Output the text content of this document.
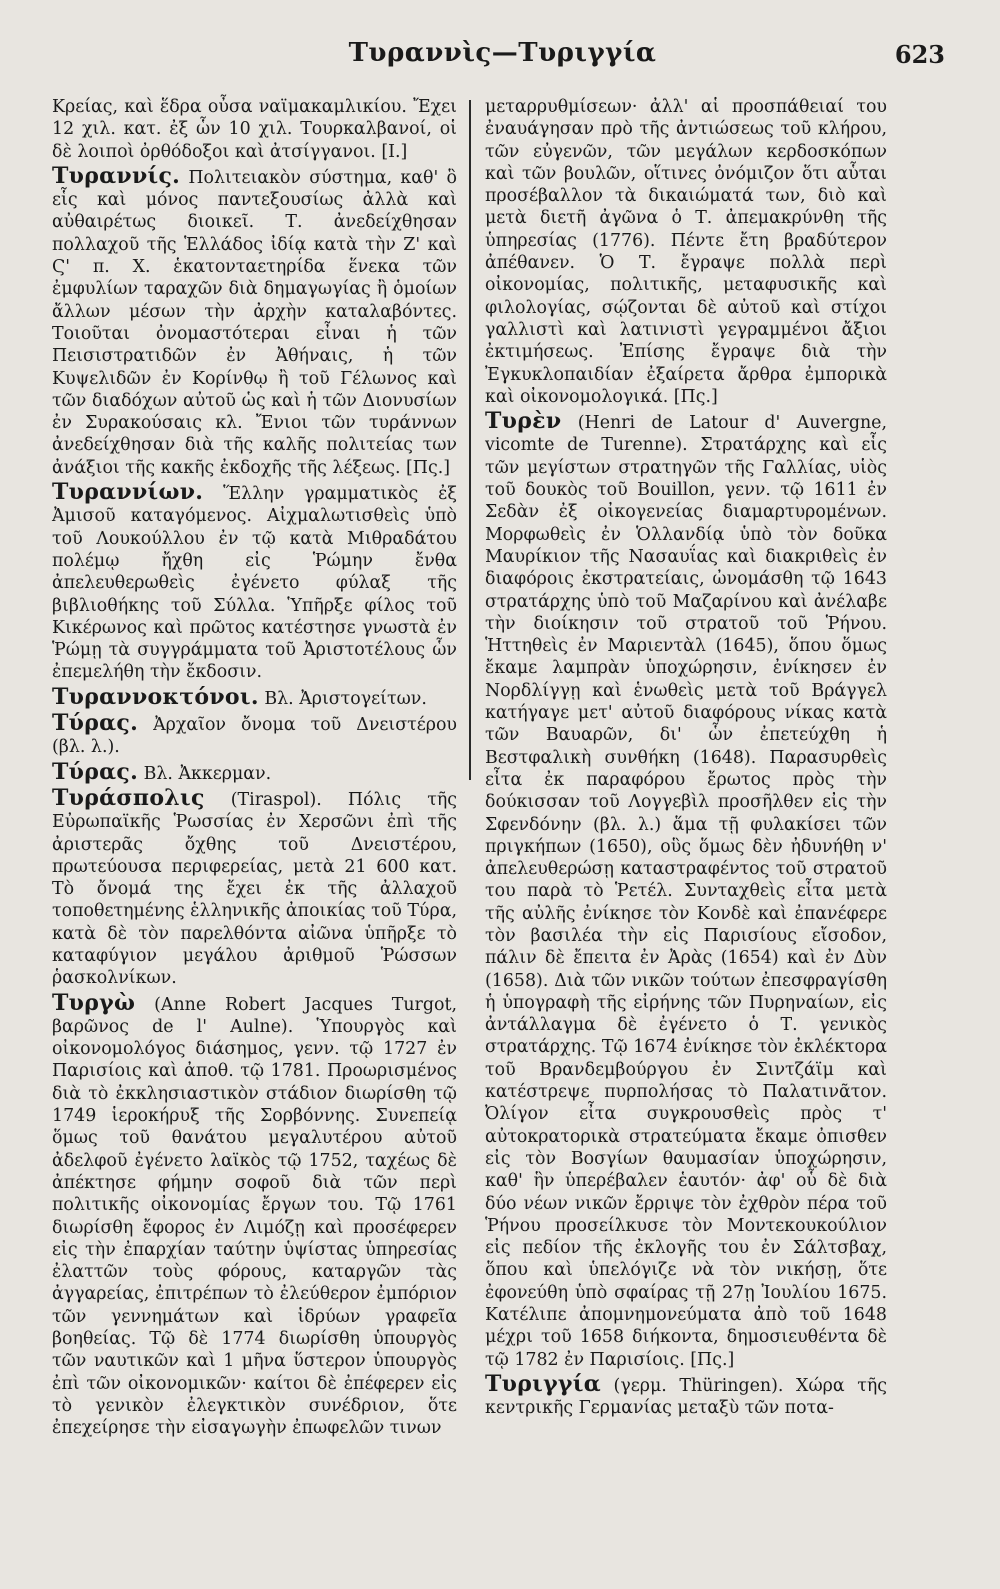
Τυραννὶς—Τυριγγία	623

Κρείας, καὶ ἕδρα οὖσα ναϊμακαμλικίου. Ἔχει 12 χιλ. κατ. ἐξ ὧν 10 χιλ. Τουρκαλβανοί, οἱ δὲ λοιποὶ ὀρθόδοξοι καὶ ἀτσίγγανοι. [Ι.]

Τυραννίς. Πολιτειακὸν σύστημα, καθ' ὃ εἷς καὶ μόνος παντεξουσίως ἀλλὰ καὶ αὐθαιρέτως διοικεῖ. Τ. ἀνεδείχθησαν πολλαχοῦ τῆς Ἑλλάδος ἰδίᾳ κατὰ τὴν Ζ' καὶ Ϛ' π. Χ. ἑκατονταετηρίδα ἕνεκα τῶν ἐμφυλίων ταραχῶν διὰ δημαγωγίας ἢ ὁμοίων ἄλλων μέσων τὴν ἀρχὴν καταλαβόντες. Τοιοῦται ὀνομαστότεραι εἶναι ἡ τῶν Πεισιστρατιδῶν ἐν Ἀθήναις, ἡ τῶν Κυψελιδῶν ἐν Κορίνθῳ ἢ τοῦ Γέλωνος καὶ τῶν διαδόχων αὐτοῦ ὡς καὶ ἡ τῶν Διονυσίων ἐν Συρακούσαις κλ. Ἔνιοι τῶν τυράννων ἀνεδείχθησαν διὰ τῆς καλῆς πολιτείας των ἀνάξιοι τῆς κακῆς ἐκδοχῆς τῆς λέξεως. [Πς.]

Τυραννίων. Ἕλλην γραμματικὸς ἐξ Ἀμισοῦ καταγόμενος. Αἰχμαλωτισθεὶς ὑπὸ τοῦ Λουκούλλου ἐν τῷ κατὰ Μιθραδάτου πολέμῳ ἤχθη εἰς Ῥώμην ἔνθα ἀπελευθερωθεὶς ἐγένετο φύλαξ τῆς βιβλιοθήκης τοῦ Σύλλα. Ὑπῆρξε φίλος τοῦ Κικέρωνος καὶ πρῶτος κατέστησε γνωστὰ ἐν Ῥώμῃ τὰ συγγράμματα τοῦ Ἀριστοτέλους ὧν ἐπεμελήθη τὴν ἔκδοσιν.

Τυραννοκτόνοι. Βλ. Ἀριστογείτων.

Τύρας. Ἀρχαῖον ὄνομα τοῦ Δνειστέρου (βλ. λ.).

Τύρας. Βλ. Ἀκκερμαν.

Τυράσπολις (Tiraspol). Πόλις τῆς Εὐρωπαϊκῆς Ῥωσσίας ἐν Χερσῶνι ἐπὶ τῆς ἀριστερᾶς ὄχθης τοῦ Δνειστέρου, πρωτεύουσα περιφερείας, μετὰ 21 600 κατ. Τὸ ὄνομά της ἔχει ἐκ τῆς ἀλλαχοῦ τοποθετημένης ἑλληνικῆς ἀποικίας τοῦ Τύρα, κατὰ δὲ τὸν παρελθόντα αἰῶνα ὑπῆρξε τὸ καταφύγιον μεγάλου ἀριθμοῦ Ῥώσσων ῥασκολνίκων.

Τυργὼ (Anne Robert Jacques Turgot, βαρῶνος de l' Aulne). Ὑπουργὸς καὶ οἰκονομολόγος διάσημος, γενν. τῷ 1727 ἐν Παρισίοις καὶ ἀποθ. τῷ 1781. Προωρισμένος διὰ τὸ ἐκκλησιαστικὸν στάδιον διωρίσθη τῷ 1749 ἱεροκήρυξ τῆς Σορβόννης. Συνεπείᾳ ὅμως τοῦ θανάτου μεγαλυτέρου αὐτοῦ ἀδελφοῦ ἐγένετο λαϊκὸς τῷ 1752, ταχέως δὲ ἀπέκτησε φήμην σοφοῦ διὰ τῶν περὶ πολιτικῆς οἰκονομίας ἔργων του. Τῷ 1761 διωρίσθη ἔφορος ἐν Λιμόζῃ καὶ προσέφερεν εἰς τὴν ἐπαρχίαν ταύτην ὑψίστας ὑπηρεσίας ἐλαττῶν τοὺς φόρους, καταργῶν τὰς ἀγγαρείας, ἐπιτρέπων τὸ ἐλεύθερον ἐμπόριον τῶν γεννημάτων καὶ ἱδρύων γραφεῖα βοηθείας. Τῷ δὲ 1774 διωρίσθη ὑπουργὸς τῶν ναυτικῶν καὶ 1 μῆνα ὕστερον ὑπουργὸς ἐπὶ τῶν οἰκονομικῶν· καίτοι δὲ ἐπέφερεν εἰς τὸ γενικὸν ἐλεγκτικὸν συνέδριον, ὅτε ἐπεχείρησε τὴν εἰσαγωγὴν ἐπωφελῶν τινων

μεταρρυθμίσεων· ἀλλ' αἱ προσπάθειαί του ἐναυάγησαν πρὸ τῆς ἀντιώσεως τοῦ κλήρου, τῶν εὐγενῶν, τῶν μεγάλων κερδοσκόπων καὶ τῶν βουλῶν, οἵτινες ὀνόμιζον ὅτι αὗται προσέβαλλον τὰ δικαιώματά των, διὸ καὶ μετὰ διετῆ ἀγῶνα ὁ Τ. ἀπεμακρύνθη τῆς ὑπηρεσίας (1776). Πέντε ἔτη βραδύτερον ἀπέθανεν. Ὁ Τ. ἔγραψε πολλὰ περὶ οἰκονομίας, πολιτικῆς, μεταφυσικῆς καὶ φιλολογίας, σῴζονται δὲ αὐτοῦ καὶ στίχοι γαλλιστὶ καὶ λατινιστὶ γεγραμμένοι ἄξιοι ἐκτιμήσεως. Ἐπίσης ἔγραψε διὰ τὴν Ἐγκυκλοπαιδίαν ἐξαίρετα ἄρθρα ἐμπορικὰ καὶ οἰκονομολογικά. [Πς.]

Τυρὲν (Henri de Latour d' Auvergne, vicomte de Turenne). Στρατάρχης καὶ εἷς τῶν μεγίστων στρατηγῶν τῆς Γαλλίας, υἱὸς τοῦ δουκὸς τοῦ Bouillon, γενν. τῷ 1611 ἐν Σεδὰν ἐξ οἰκογενείας διαμαρτυρομένων. Μορφωθεὶς ἐν Ὁλλανδίᾳ ὑπὸ τὸν δοῦκα Μαυρίκιον τῆς Νασαυΐας καὶ διακριθεὶς ἐν διαφόροις ἐκστρατείαις, ὠνομάσθη τῷ 1643 στρατάρχης ὑπὸ τοῦ Μαζαρίνου καὶ ἀνέλαβε τὴν διοίκησιν τοῦ στρατοῦ τοῦ Ῥήνου. Ἡττηθεὶς ἐν Μαριεντὰλ (1645), ὅπου ὅμως ἔκαμε λαμπρὰν ὑποχώρησιν, ἐνίκησεν ἐν Νορδλίγγῃ καὶ ἑνωθεὶς μετὰ τοῦ Βράγγελ κατήγαγε μετ' αὐτοῦ διαφόρους νίκας κατὰ τῶν Βαυαρῶν, δι' ὧν ἐπετεύχθη ἡ Βεστφαλικὴ συνθήκη (1648). Παρασυρθεὶς εἶτα ἐκ παραφόρου ἔρωτος πρὸς τὴν δούκισσαν τοῦ Λογγεβὶλ προσῆλθεν εἰς τὴν Σφενδόνην (βλ. λ.) ἅμα τῇ φυλακίσει τῶν πριγκήπων (1650), οὓς ὅμως δὲν ἠδυνήθη ν' ἀπελευθερώσῃ καταστραφέντος τοῦ στρατοῦ του παρὰ τὸ Ῥετέλ. Συνταχθεὶς εἶτα μετὰ τῆς αὐλῆς ἐνίκησε τὸν Κονδὲ καὶ ἐπανέφερε τὸν βασιλέα τὴν εἰς Παρισίους εἴσοδον, πάλιν δὲ ἔπειτα ἐν Ἀρὰς (1654) καὶ ἐν Δὺν (1658). Διὰ τῶν νικῶν τούτων ἐπεσφραγίσθη ἡ ὑπογραφὴ τῆς εἰρήνης τῶν Πυρηναίων, εἰς ἀντάλλαγμα δὲ ἐγένετο ὁ Τ. γενικὸς στρατάρχης. Τῷ 1674 ἐνίκησε τὸν ἐκλέκτορα τοῦ Βρανδεμβούργου ἐν Σιντζάϊμ καὶ κατέστρεψε πυρπολήσας τὸ Παλατινᾶτον. Ὀλίγον εἶτα συγκρουσθεὶς πρὸς τ' αὐτοκρατορικὰ στρατεύματα ἔκαμε ὀπισθεν εἰς τὸν Βοσγίων θαυμασίαν ὑποχώρησιν, καθ' ἣν ὑπερέβαλεν ἑαυτόν· ἀφ' οὗ δὲ διὰ δύο νέων νικῶν ἔρριψε τὸν ἐχθρὸν πέρα τοῦ Ῥήνου προσείλκυσε τὸν Μοντεκουκούλιον εἰς πεδίον τῆς ἐκλογῆς του ἐν Σάλτσβαχ, ὅπου καὶ ὑπελόγιζε νὰ τὸν νικήσῃ, ὅτε ἐφονεύθη ὑπὸ σφαίρας τῇ 27ῃ Ἰουλίου 1675. Κατέλιπε ἀπομνημονεύματα ἀπὸ τοῦ 1648 μέχρι τοῦ 1658 διήκοντα, δημοσιευθέντα δὲ τῷ 1782 ἐν Παρισίοις. [Πς.]

Τυριγγία (γερμ. Thüringen). Χώρα τῆς κεντρικῆς Γερμανίας μεταξὺ τῶν ποτα-
